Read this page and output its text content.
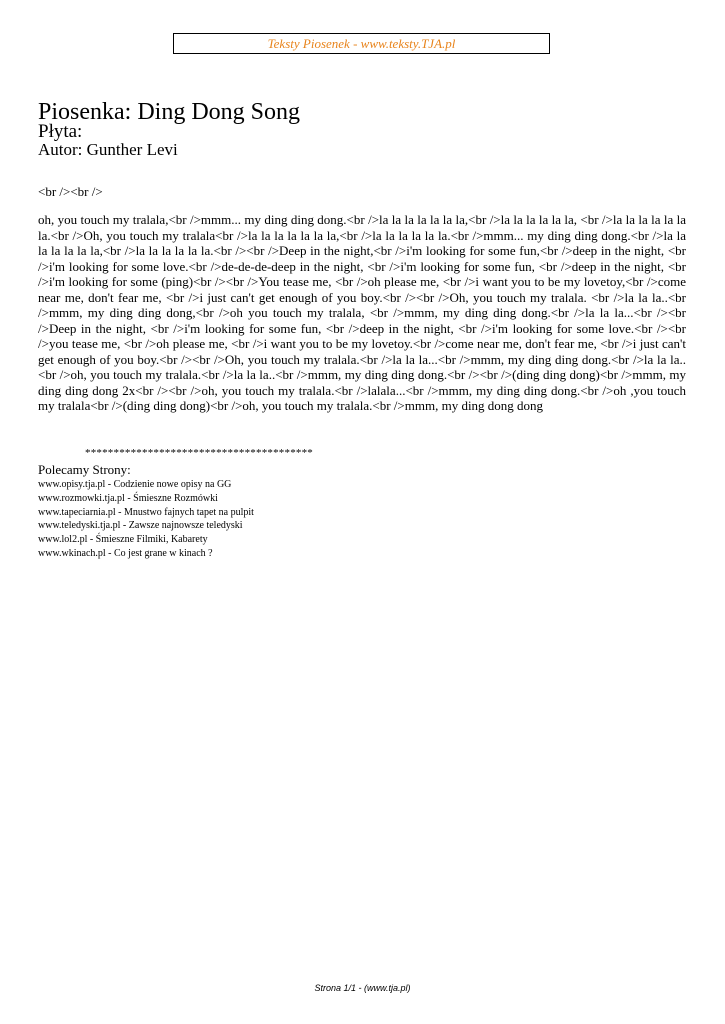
Teksty Piosenek - www.teksty.TJA.pl
Piosenka: Ding Dong Song
Płyta:
Autor: Gunther Levi
<br /><br />
oh, you touch my tralala,<br />mmm... my ding ding dong.<br />la la la la la la la,<br />la la la la la la, <br />la la la la la la la.<br />Oh, you touch my tralala<br />la la la la la la la,<br />la la la la la la.<br />mmm... my ding ding dong.<br />la la la la la la la,<br />la la la la la la.<br /><br />Deep in the night,<br />i'm looking for some fun,<br />deep in the night, <br />i'm looking for some love.<br />de-de-de-deep in the night, <br />i'm looking for some fun, <br />deep in the night, <br />i'm looking for some (ping)<br /><br />You tease me, <br />oh please me, <br />i want you to be my lovetoy,<br />come near me, don't fear me, <br />i just can't get enough of you boy.<br /><br />Oh, you touch my tralala. <br />la la la..<br />mmm, my ding ding dong,<br />oh you touch my tralala, <br />mmm, my ding ding dong.<br />la la la...<br /><br />Deep in the night, <br />i'm looking for some fun, <br />deep in the night, <br />i'm looking for some love.<br /><br />you tease me, <br />oh please me, <br />i want you to be my lovetoy.<br />come near me, don't fear me, <br />i just can't get enough of you boy.<br /><br />Oh, you touch my tralala.<br />la la la...<br />mmm, my ding ding dong.<br />la la la..<br />oh, you touch my tralala.<br />la la la..<br />mmm, my ding ding dong.<br /><br />(ding ding dong)<br />mmm, my ding ding dong 2x<br /><br />oh, you touch my tralala.<br />lalala...<br />mmm, my ding ding dong.<br />oh ,you touch my tralala<br />(ding ding dong)<br />oh, you touch my tralala.<br />mmm, my ding dong dong
****************************************
Polecamy Strony:
www.opisy.tja.pl - Codzienie nowe opisy na GG
www.rozmowki.tja.pl - Śmieszne Rozmówki
www.tapeciarnia.pl - Mnustwo fajnych tapet na pulpit
www.teledyski.tja.pl - Zawsze najnowsze teledyski
www.lol2.pl - Śmieszne Filmiki, Kabarety
www.wkinach.pl - Co jest grane w kinach ?
Strona 1/1 - (www.tja.pl)
